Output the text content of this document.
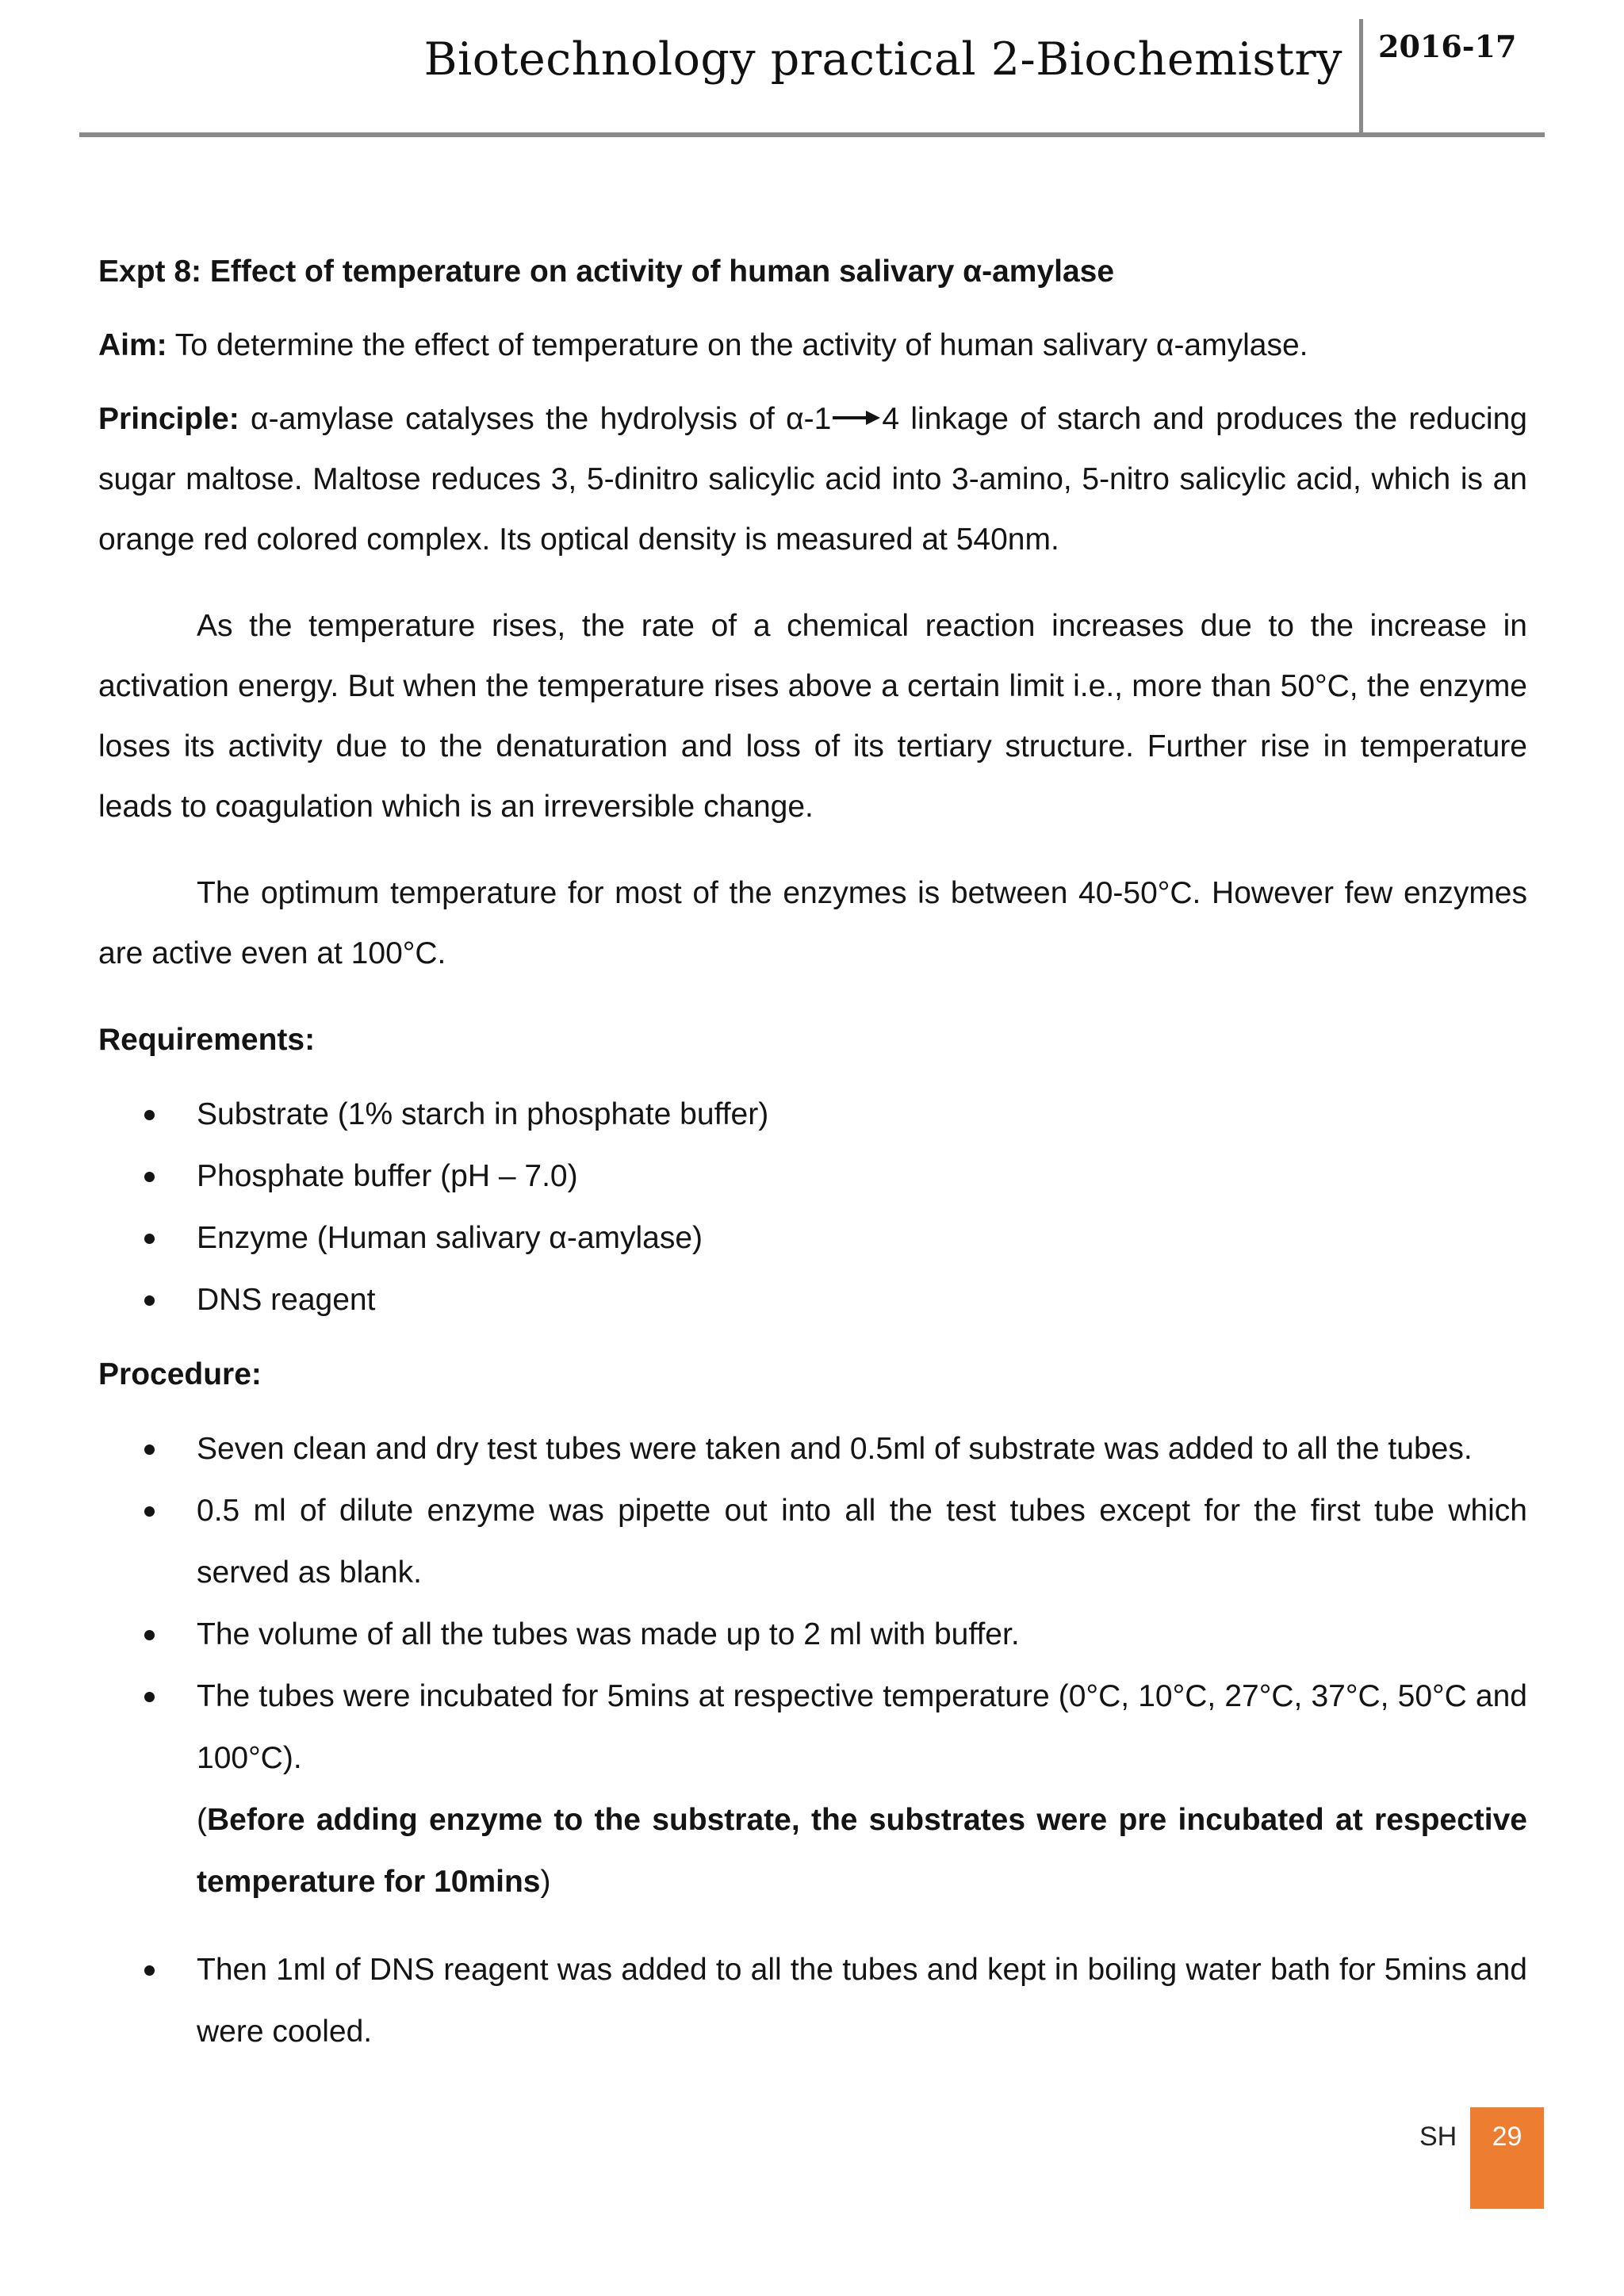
Biotechnology practical 2-Biochemistry 2016-17

Expt 8: Effect of temperature on activity of human salivary α-amylase

Aim: To determine the effect of temperature on the activity of human salivary α-amylase.

Principle: α-amylase catalyses the hydrolysis of α-1 4 linkage of starch and produces the reducing sugar maltose. Maltose reduces 3, 5-dinitro salicylic acid into 3-amino, 5-nitro salicylic acid, which is an orange red colored complex. Its optical density is measured at 540nm.

As the temperature rises, the rate of a chemical reaction increases due to the increase in activation energy. But when the temperature rises above a certain limit i.e., more than 50°C, the enzyme loses its activity due to the denaturation and loss of its tertiary structure. Further rise in temperature leads to coagulation which is an irreversible change.

The optimum temperature for most of the enzymes is between 40-50°C. However few enzymes are active even at 100°C.

Requirements:

Substrate (1% starch in phosphate buffer)
Phosphate buffer (pH – 7.0)
Enzyme (Human salivary α-amylase)
DNS reagent

Procedure:

Seven clean and dry test tubes were taken and 0.5ml of substrate was added to all the tubes.
0.5 ml of dilute enzyme was pipette out into all the test tubes except for the first tube which served as blank.
The volume of all the tubes was made up to 2 ml with buffer.
The tubes were incubated for 5mins at respective temperature (0°C, 10°C, 27°C, 37°C, 50°C and 100°C).
(Before adding enzyme to the substrate, the substrates were pre incubated at respective temperature for 10mins)
Then 1ml of DNS reagent was added to all the tubes and kept in boiling water bath for 5mins and were cooled.
SH	29
